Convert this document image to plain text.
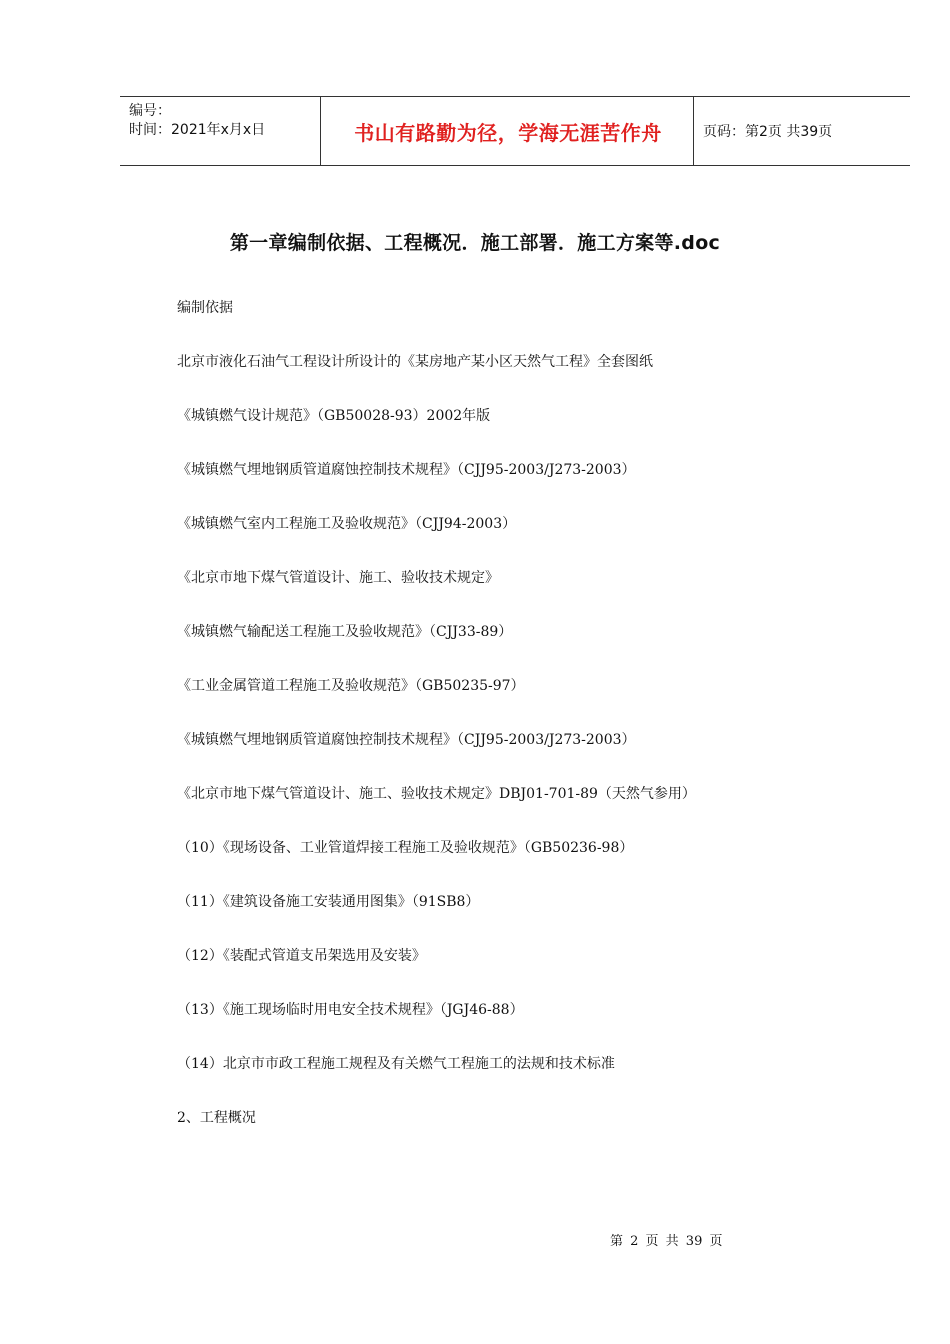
编号：
时间：2021年x月x日	书山有路勤为径，学海无涯苦作舟	页码：第2页 共39页
第一章编制依据、工程概况．施工部署．施工方案等.doc
编制依据
北京市液化石油气工程设计所设计的《某房地产某小区天然气工程》全套图纸
《城镇燃气设计规范》（GB50028-93）2002年版
《城镇燃气埋地钢质管道腐蚀控制技术规程》（CJJ95-2003/J273-2003）
《城镇燃气室内工程施工及验收规范》（CJJ94-2003）
《北京市地下煤气管道设计、施工、验收技术规定》
《城镇燃气输配送工程施工及验收规范》（CJJ33-89）
《工业金属管道工程施工及验收规范》（GB50235-97）
《城镇燃气埋地钢质管道腐蚀控制技术规程》（CJJ95-2003/J273-2003）
《北京市地下煤气管道设计、施工、验收技术规定》DBJ01-701-89（天然气参用）
（10）《现场设备、工业管道焊接工程施工及验收规范》（GB50236-98）
（11）《建筑设备施工安装通用图集》（91SB8）
（12）《装配式管道支吊架选用及安装》
（13）《施工现场临时用电安全技术规程》（JGJ46-88）
（14）北京市市政工程施工规程及有关燃气工程施工的法规和技术标准
2、工程概况
第 2 页 共 39 页
